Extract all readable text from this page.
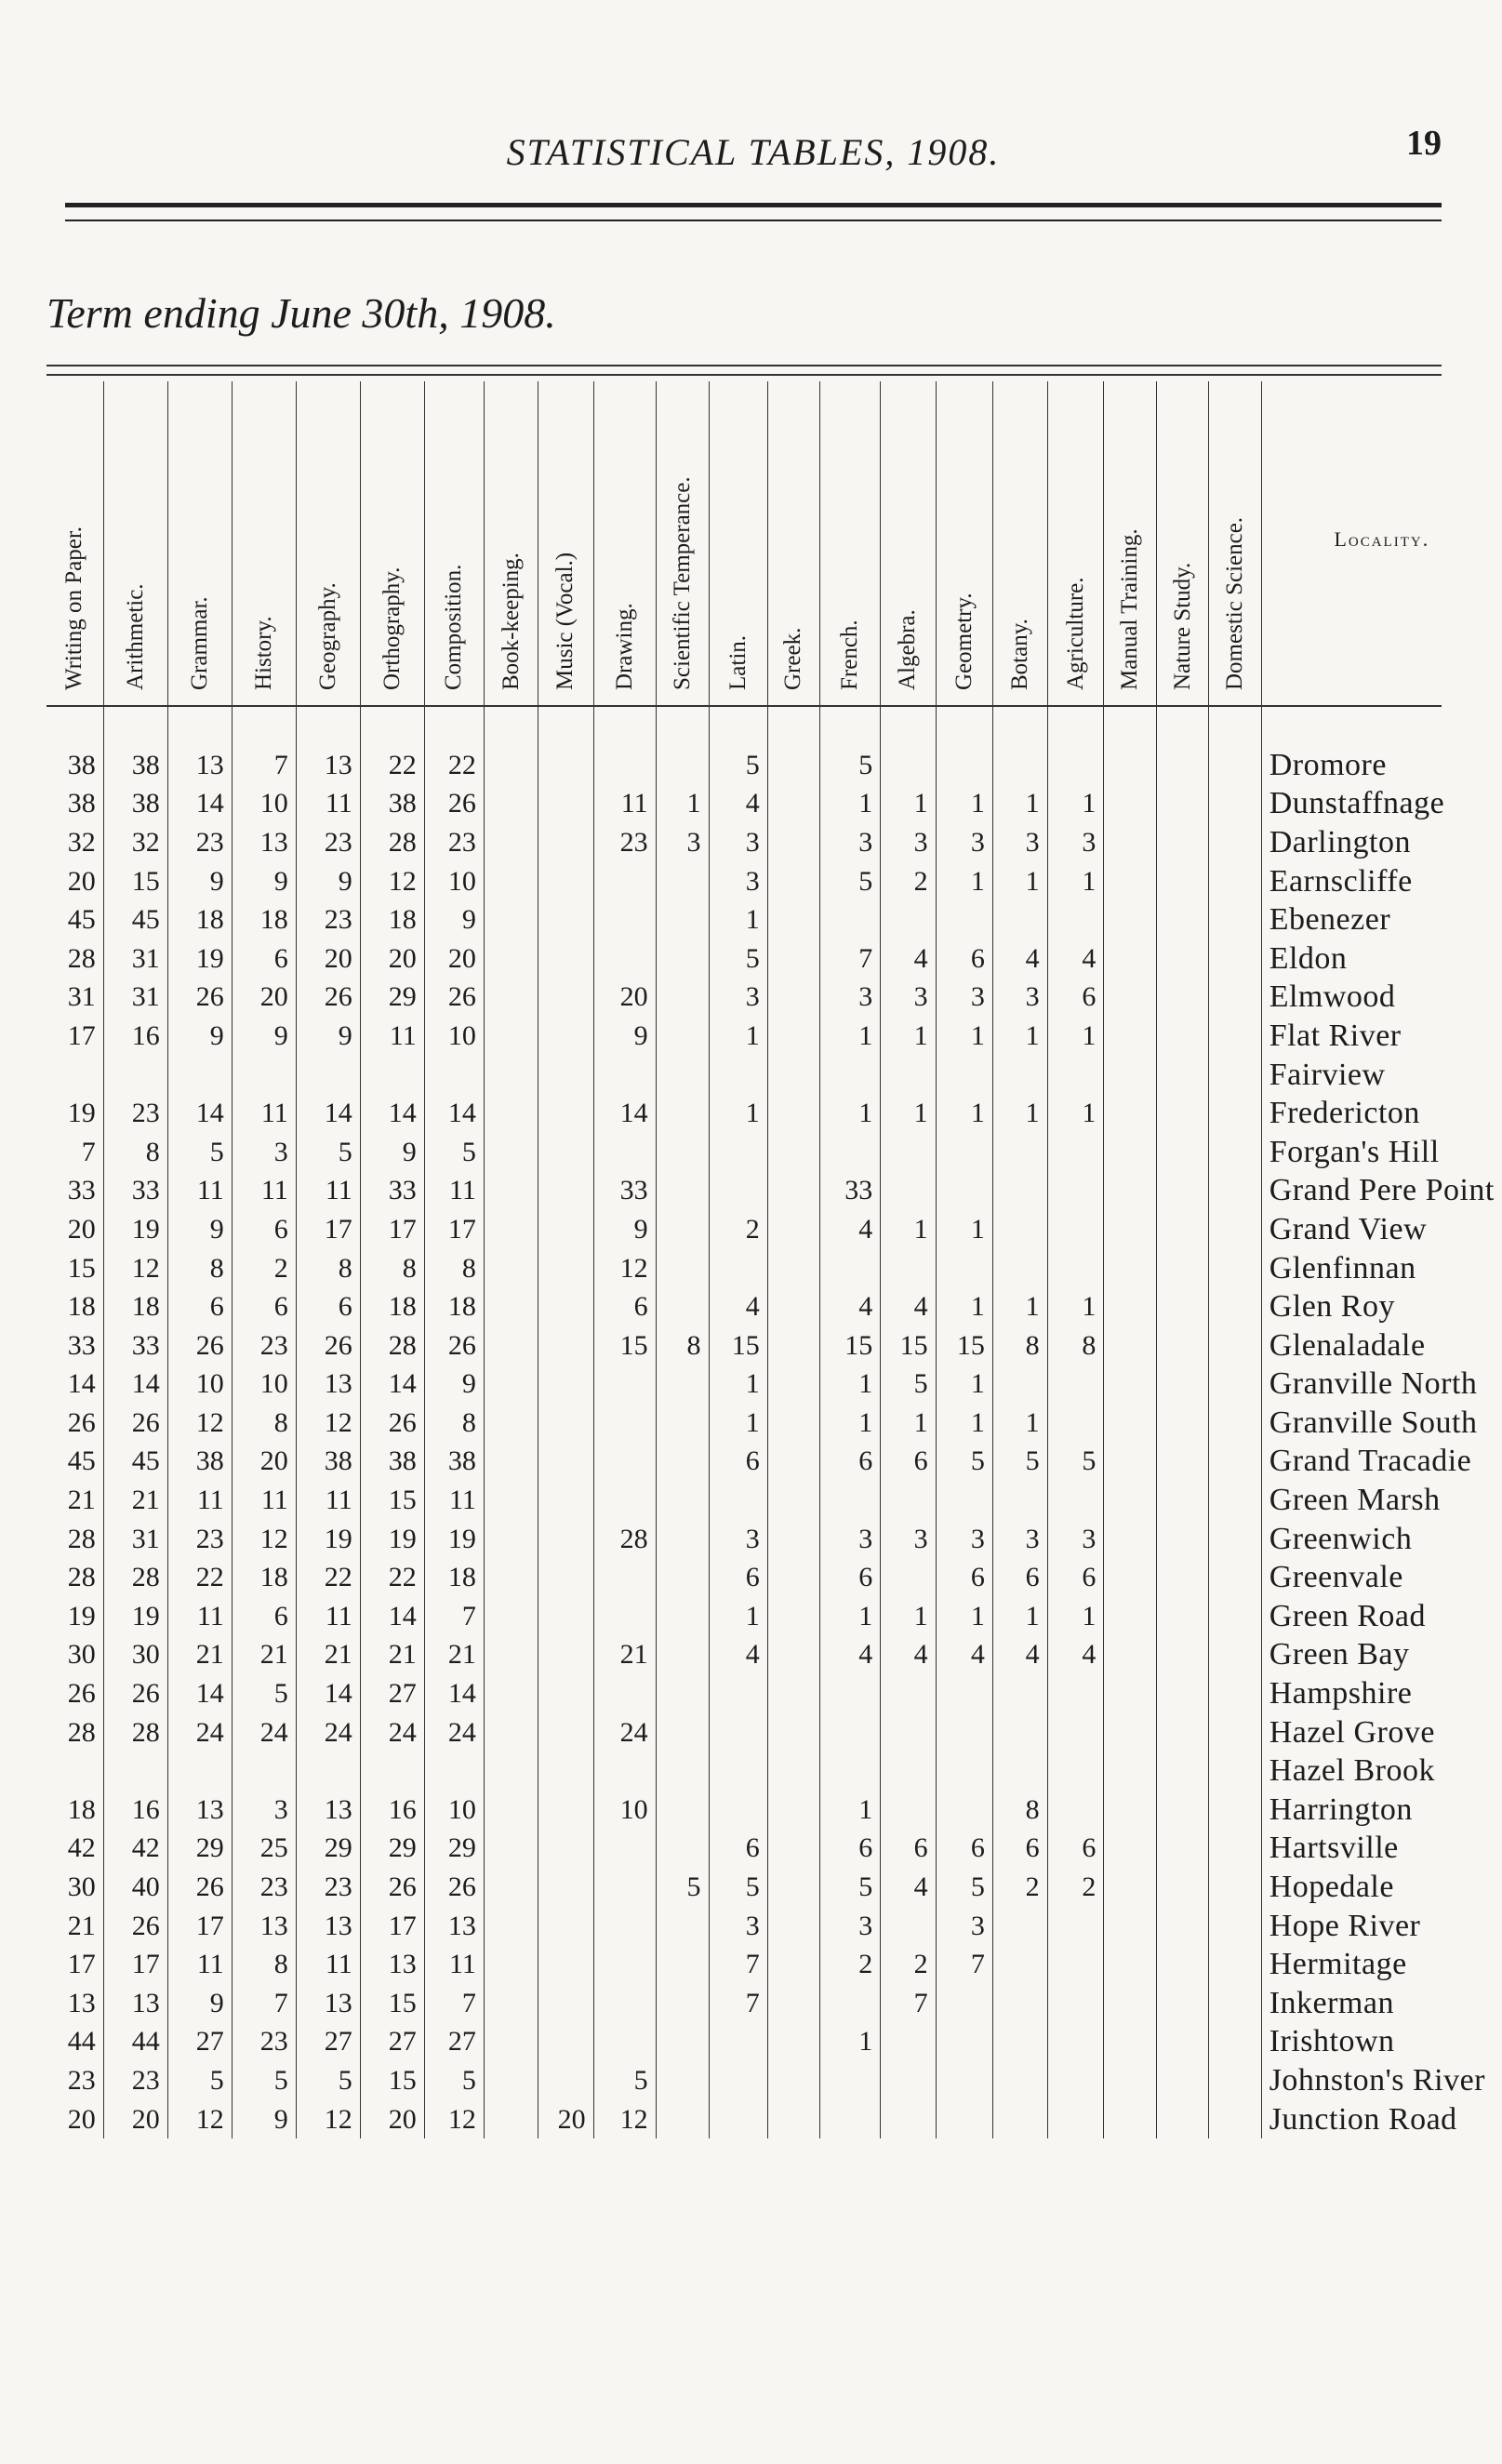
STATISTICAL TABLES, 1908.	19
Term ending June 30th, 1908.
Writing on Paper.	Arithmetic.	Grammar.	History.	Geography.	Orthography.	Composition.	Book-keeping.	Music (Vocal.)	Drawing.	Scientific Temperance.	Latin.	Greek.	French.	Algebra.	Geometry.	Botany.	Agriculture.	Manual Training.	Nature Study.	Domestic Science.	Locality.

38	38	13	7	13	22	22					5		5								Dromore
38	38	14	10	11	38	26			11	1	4		1	1	1	1	1				Dunstaffnage
32	32	23	13	23	28	23			23	3	3		3	3	3	3	3				Darlington
20	15	9	9	9	12	10					3		5	2	1	1	1				Earnscliffe
45	45	18	18	23	18	9					1										Ebenezer
28	31	19	6	20	20	20					5		7	4	6	4	4				Eldon
31	31	26	20	26	29	26			20		3		3	3	3	3	6				Elmwood
17	16	9	9	9	11	10			9		1		1	1	1	1	1				Flat River
																					Fairview
19	23	14	11	14	14	14			14		1		1	1	1	1	1				Fredericton
7	8	5	3	5	9	5															Forgan's Hill
33	33	11	11	11	33	11			33				33								Grand Pere Point
20	19	9	6	17	17	17			9		2		4	1	1						Grand View
15	12	8	2	8	8	8			12												Glenfinnan
18	18	6	6	6	18	18			6		4		4	4	1	1	1				Glen Roy
33	33	26	23	26	28	26			15	8	15		15	15	15	8	8				Glenaladale
14	14	10	10	13	14	9					1		1	5	1						Granville North
26	26	12	8	12	26	8					1		1	1	1	1					Granville South
45	45	38	20	38	38	38					6		6	6	5	5	5				Grand Tracadie
21	21	11	11	11	15	11															Green Marsh
28	31	23	12	19	19	19			28		3		3	3	3	3	3				Greenwich
28	28	22	18	22	22	18					6		6		6	6	6				Greenvale
19	19	11	6	11	14	7					1		1	1	1	1	1				Green Road
30	30	21	21	21	21	21			21		4		4	4	4	4	4				Green Bay
26	26	14	5	14	27	14															Hampshire
28	28	24	24	24	24	24			24												Hazel Grove
																					Hazel Brook
18	16	13	3	13	16	10			10				1			8					Harrington
42	42	29	25	29	29	29					6		6	6	6	6	6				Hartsville
30	40	26	23	23	26	26				5	5		5	4	5	2	2				Hopedale
21	26	17	13	13	17	13					3		3		3						Hope River
17	17	11	8	11	13	11					7		2	2	7						Hermitage
13	13	9	7	13	15	7					7			7							Inkerman
44	44	27	23	27	27	27							1								Irishtown
23	23	5	5	5	15	5			5												Johnston's River
20	20	12	9	12	20	12		20	12												Junction Road
